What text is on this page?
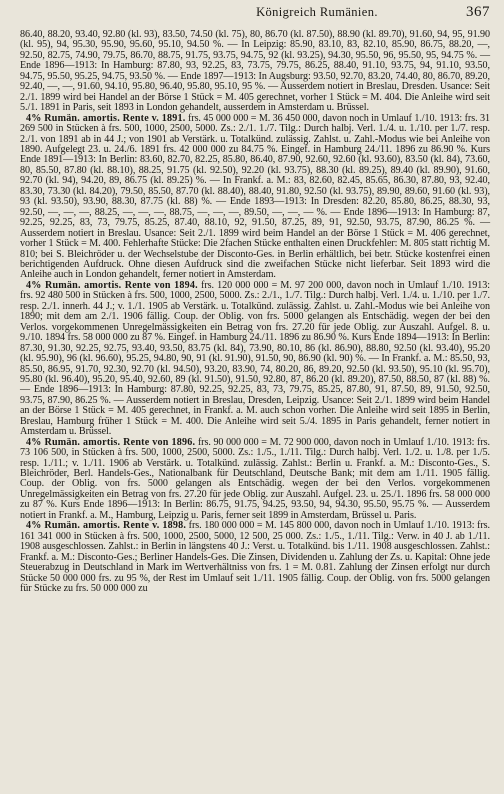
Königreich Rumänien.	367

86.40, 88.20, 93.40, 92.80 (kl. 93), 83.50, 74.50 (kl. 75), 80, 86.70 (kl. 87.50), 88.90 (kl. 89.70), 91.60, 94, 95, 91.90 (kl. 95), 94, 95.30, 95.90, 95.60, 95.10, 94.50 %. — In Leipzig: 85.90, 83.10, 83, 82.10, 85.90, 86.75, 88.20, —, 92.50, 82.75, 74.90, 79.75, 86.70, 88.75, 91.75, 93.75, 94.75, 92 (kl. 93.25), 94.30, 95.50, 96, 95.50, 95, 94.75 %. — Ende 1896—1913: In Hamburg: 87.80, 93, 92.25, 83, 73.75, 79.75, 86.25, 88.40, 91.10, 93.75, 94, 91.10, 93.50, 94.75, 95.50, 95.25, 94.75, 93.50 %. — Ende 1897—1913: In Augsburg: 93.50, 92.70, 83.20, 74.40, 80, 86.70, 89.20, 92.40, —, —, 91.60, 94.10, 95.80, 96.40, 95.80, 95.10, 95 %. — Ausserdem notiert in Breslau, Dresden. Usance: Seit 2./1. 1899 wird bei Handel an der Börse 1 Stück = M. 405 gerechnet, vorher 1 Stück = M. 404. Die Anleihe wird seit 5./1. 1891 in Paris, seit 1893 in London gehandelt, ausserdem in Amsterdam u. Brüssel.

4% Rumän. amortis. Rente v. 1891. frs. 45 000 000 = M. 36 450 000, davon noch in Umlauf 1./10. 1913: frs. 31 269 500 in Stücken à frs. 500, 1000, 2500, 5000. Zs.: 2./1. 1./7. Tilg.: Durch halbj. Verl. 1./4. u. 1./10. per 1./7. resp. 2./1. von 1891 ab in 44 J.; von 1901 ab Verstärk. u. Totalkünd. zulässig. Zahlst. u. Zahl.-Modus wie bei Anleihe von 1890. Aufgelegt 23. u. 24./6. 1891 frs. 42 000 000 zu 84.75 %. Eingef. in Hamburg 24./11. 1896 zu 86.90 %. Kurs Ende 1891—1913: In Berlin: 83.60, 82.70, 82.25, 85.80, 86.40, 87.90, 92.60, 92.60 (kl. 93.60), 83.50 (kl. 84), 73.60, 80, 85.50, 87.80 (kl. 88.10), 88.25, 91.75 (kl. 92.50), 92.20 (kl. 93.75), 88.30 (kl. 89.25), 89.40 (kl. 89.90), 91.60, 92.70 (kl. 94), 94.20, 89, 86.75 (kl. 89.25) %. — In Frankf. a. M.: 83, 82.60, 82.45, 85.65, 86.30, 87.80, 93, 92.40, 83.30, 73.30 (kl. 84.20), 79.50, 85.50, 87.70 (kl. 88.40), 88.40, 91.80, 92.50 (kl. 93.75), 89.90, 89.60, 91.60 (kl. 93), 93 (kl. 93.50), 93.90, 88.30, 87.75 (kl. 88) %. — Ende 1893—1913: In Dresden: 82.20, 85.80, 86.25, 88.30, 93, 92.50, —, —, —, 88.25, —, —, —, 88.75, —, —, —, 89.50, —, —, — %. — Ende 1896—1913: In Hamburg: 87, 92.25, 92.25, 83, 73, 79.75, 85.25, 87.40, 88.10, 92, 91.50, 87.25, 89, 91, 92.50, 93.75, 87.90, 86.25 %. — Ausserdem notiert in Breslau. Usance: Seit 2./1. 1899 wird beim Handel an der Börse 1 Stück = M. 406 gerechnet, vorher 1 Stück = M. 400. Fehlerhafte Stücke: Die 2fachen Stücke enthalten einen Druckfehler: M. 805 statt richtig M. 810; bei S. Bleichröder u. der Wechselstube der Disconto-Ges. in Berlin erhältlich, bei betr. Stücke kostenfrei einen berichtigenden Aufdruck. Ohne diesen Aufdruck sind die zweifachen Stücke nicht lieferbar. Seit 1893 wird die Anleihe auch in London gehandelt, ferner notiert in Amsterdam.

4% Rumän. amortis. Rente von 1894. frs. 120 000 000 = M. 97 200 000, davon noch in Umlauf 1./10. 1913: frs. 92 480 500 in Stücken à frs. 500, 1000, 2500, 5000. Zs.: 2./1., 1./7. Tilg.: Durch halbj. Verl. 1./4. u. 1./10. per 1./7. resp. 2./1. innerh. 44 J.; v. 1./1. 1905 ab Verstärk. u. Totalkünd. zulässig. Zahlst. u. Zahl.-Modus wie bei Anleihe von 1890; mit dem am 2./1. 1906 fällig. Coup. der Oblig. von frs. 5000 gelangen als Entschädig. wegen der bei den Verlos. vorgekommenen Unregelmässigkeiten ein Betrag von frs. 27.20 für jede Oblig. zur Auszahl. Aufgel. 8. u. 9./10. 1894 frs. 58 000 000 zu 87 %. Eingef. in Hamburg 24./11. 1896 zu 86.90 %. Kurs Ende 1894—1913: In Berlin: 87.30, 91.30, 92.25, 92.75, 93.40, 93.50, 83.75 (kl. 84), 73.90, 80.10, 86 (kl. 86.90), 88.80, 92.50 (kl. 93.40), 95.20 (kl. 95.90), 96 (kl. 96.60), 95.25, 94.80, 90, 91 (kl. 91.90), 91.50, 90, 86.90 (kl. 90) %. — In Frankf. a. M.: 85.50, 93, 85.50, 86.95, 91.70, 92.30, 92.70 (kl. 94.50), 93.20, 83.90, 74, 80.20, 86, 89.20, 92.50 (kl. 93.50), 95.10 (kl. 95.70), 95.80 (kl. 96.40), 95.20, 95.40, 92.60, 89 (kl. 91.50), 91.50, 92.80, 87, 86.20 (kl. 89.20), 87.50, 88.50, 87 (kl. 88) %. — Ende 1896—1913: In Hamburg: 87.80, 92.25, 92.25, 83, 73, 79.75, 85.25, 87.80, 91, 87.50, 89, 91.50, 92.50, 93.75, 87.90, 86.25 %. — Ausserdem notiert in Breslau, Dresden, Leipzig. Usance: Seit 2./1. 1899 wird beim Handel an der Börse 1 Stück = M. 405 gerechnet, in Frankf. a. M. auch schon vorher. Die Anleihe wird seit 1895 in Berlin, Breslau, Hamburg früher 1 Stück = M. 400. Die Anleihe wird seit 5./4. 1895 in Paris gehandelt, ferner notiert in Amsterdam u. Brüssel.

4% Rumän. amortis. Rente von 1896. frs. 90 000 000 = M. 72 900 000, davon noch in Umlauf 1./10. 1913: frs. 73 106 500, in Stücken à frs. 500, 1000, 2500, 5000. Zs.: 1./5., 1./11. Tilg.: Durch halbj. Verl. 1./2. u. 1./8. per 1./5. resp. 1./11.; v. 1./11. 1906 ab Verstärk. u. Totalkünd. zulässig. Zahlst.: Berlin u. Frankf. a. M.: Disconto-Ges., S. Bleichröder, Berl. Handels-Ges., Nationalbank für Deutschland, Deutsche Bank; mit dem am 1./11. 1905 fällig. Coup. der Oblig. von frs. 5000 gelangen als Entschädig. wegen der bei den Verlos. vorgekommenen Unregelmässigkeiten ein Betrag von frs. 27.20 für jede Oblig. zur Auszahl. Aufgel. 23. u. 25./1. 1896 frs. 58 000 000 zu 87 %. Kurs Ende 1896—1913: In Berlin: 86.75, 91.75, 94.25, 93.50, 94, 94.30, 95.50, 95.75 %. — Ausserdem notiert in Frankf. a. M., Hamburg, Leipzig u. Paris, ferner seit 1899 in Amsterdam, Brüssel u. Paris.

4% Rumän. amortis. Rente v. 1898. frs. 180 000 000 = M. 145 800 000, davon noch in Umlauf 1./10. 1913: frs. 161 341 000 in Stücken à frs. 500, 1000, 2500, 5000, 12 500, 25 000. Zs.: 1./5., 1./11. Tilg.: Verw. in 40 J. ab 1./11. 1908 ausgeschlossen. Zahlst.: in Berlin in längstens 40 J.: Verst. u. Totalkünd. bis 1./11. 1908 ausgeschlossen. Zahlst.: Frankf. a. M.: Disconto-Ges.; Berliner Handels-Ges. Die Zinsen, Dividenden u. Zahlung der Zs. u. Kapital: Ohne jede Steuerabzug in Deutschland in Mark im Wertverhältniss von frs. 1 = M. 0.81. Zahlung der Zinsen erfolgt nur durch Stücke 50 000 000 frs. zu 95 %, der Rest im Umlauf seit 1./11. 1905 fällig. Coup. der Oblig. von frs. 5000 gelangen für Stücke zu frs. 50 000 000 zu
